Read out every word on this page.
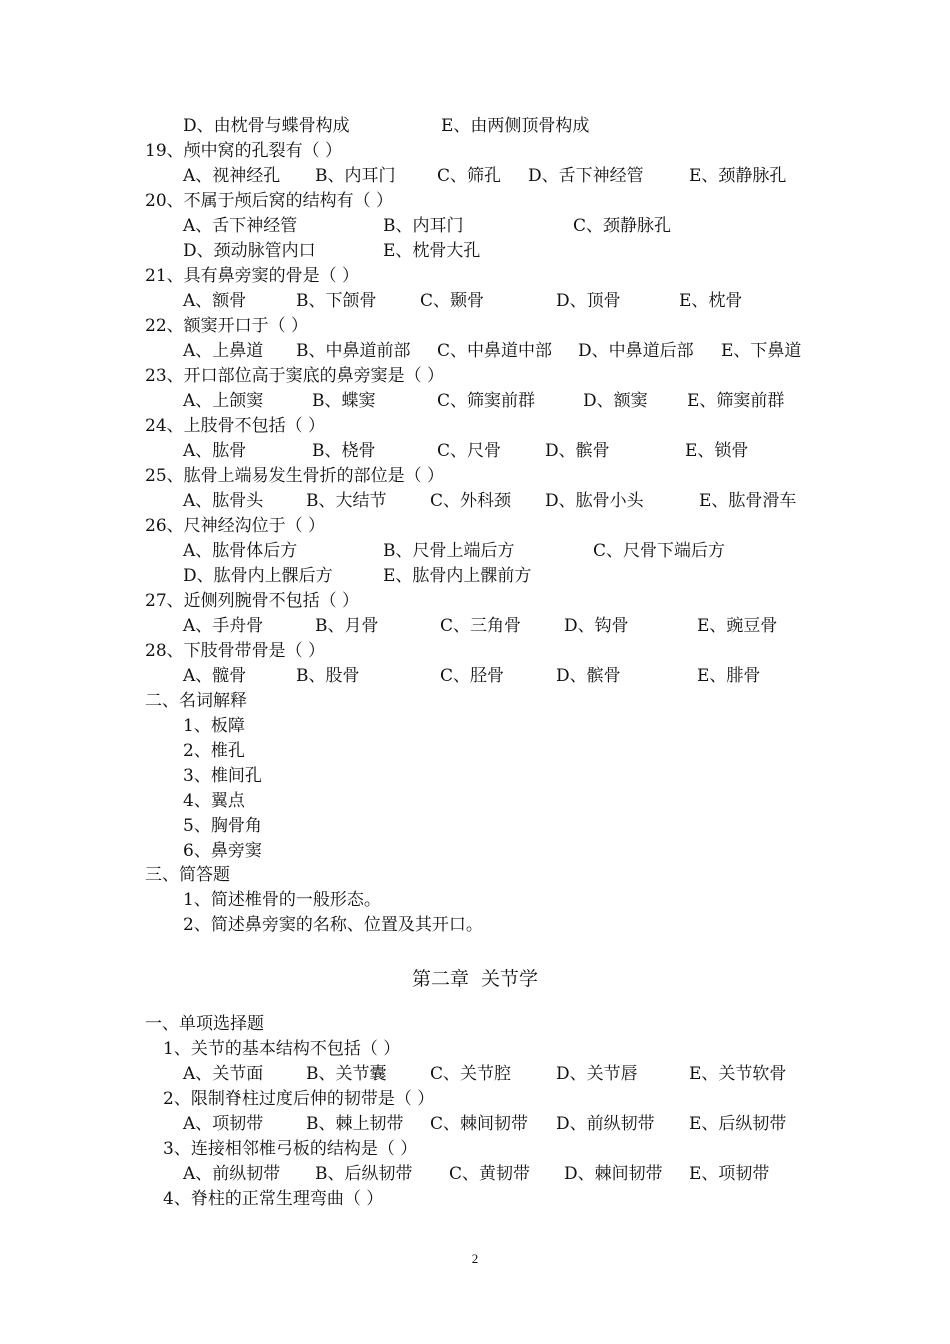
D、由枕骨与蝶骨构成	E、由两侧顶骨构成
19、颅中窝的孔裂有（ ）
A、视神经孔 B、内耳门 C、筛孔 D、舌下神经管	E、颈静脉孔
20、不属于颅后窝的结构有（ ）
A、舌下神经管	B、内耳门	C、颈静脉孔
D、颈动脉管内口	E、枕骨大孔
21、具有鼻旁窦的骨是（ ）
A、额骨	B、下颌骨	C、颞骨	D、顶骨	E、枕骨
22、额窦开口于（ ）
A、上鼻道 B、中鼻道前部 C、中鼻道中部 D、中鼻道后部 E、下鼻道
23、开口部位高于窦底的鼻旁窦是（ ）
A、上颌窦	B、蝶窦	C、筛窦前群	D、额窦 E、筛窦前群
24、上肢骨不包括（ ）
A、肱骨	B、桡骨	C、尺骨	D、髌骨	E、锁骨
25、肱骨上端易发生骨折的部位是（ ）
A、肱骨头	B、大结节	C、外科颈 D、肱骨小头	E、肱骨滑车
26、尺神经沟位于（ ）
A、肱骨体后方	B、尺骨上端后方	C、尺骨下端后方
D、肱骨内上髁后方	E、肱骨内上髁前方
27、近侧列腕骨不包括（ ）
A、手舟骨	B、月骨	C、三角骨	D、钩骨	E、豌豆骨
28、下肢骨带骨是（ ）
A、髋骨	B、股骨	C、胫骨	D、髌骨	E、腓骨
二、名词解释
1、板障
2、椎孔
3、椎间孔
4、翼点
5、胸骨角
6、鼻旁窦
三、简答题
1、简述椎骨的一般形态。
2、简述鼻旁窦的名称、位置及其开口。
一、单项选择题
1、关节的基本结构不包括（ ）
A、关节面	B、关节囊	C、关节腔	D、关节唇	E、关节软骨
2、限制脊柱过度后伸的韧带是（ ）
A、项韧带	B、棘上韧带 C、棘间韧带 D、前纵韧带 E、后纵韧带
3、连接相邻椎弓板的结构是（ ）
A、前纵韧带 B、后纵韧带 C、黄韧带 D、棘间韧带 E、项韧带
4、脊柱的正常生理弯曲（ ）
第二章  关节学
2
